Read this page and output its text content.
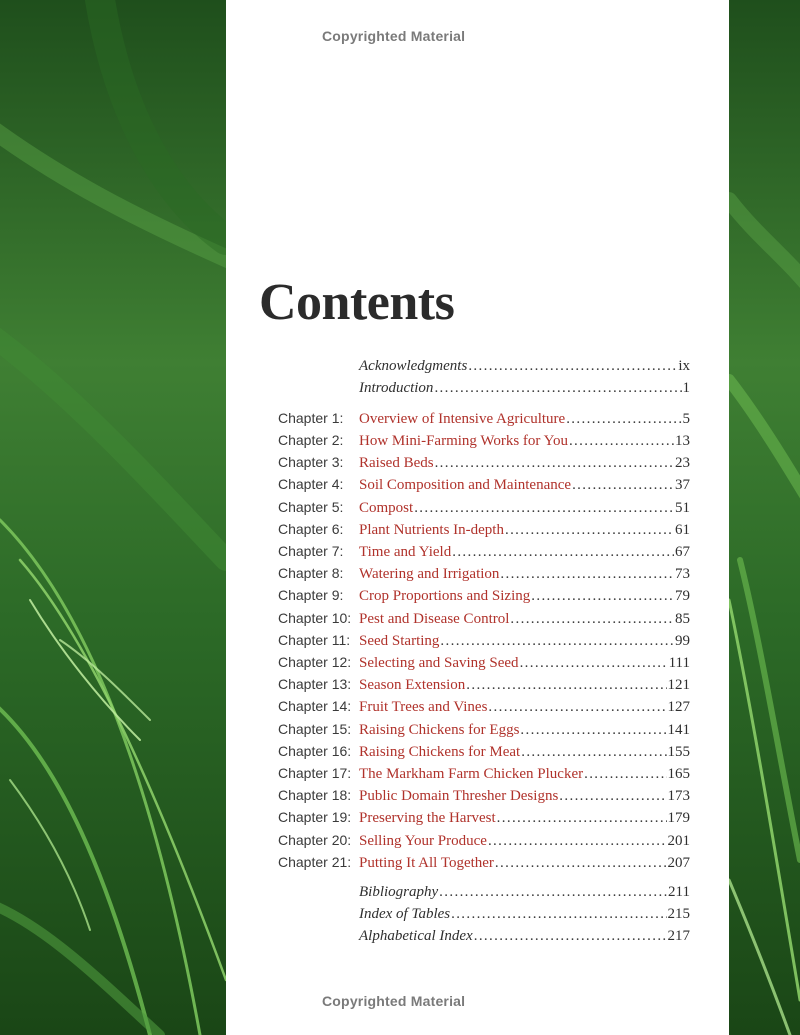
Copyrighted Material
Contents
Acknowledgments . . .	ix
Introduction . . .	1
Chapter 1:	Overview of Intensive Agriculture . . .	5
Chapter 2:	How Mini-Farming Works for You . . .	13
Chapter 3:	Raised Beds . . .	23
Chapter 4:	Soil Composition and Maintenance . . .	37
Chapter 5:	Compost . . .	51
Chapter 6:	Plant Nutrients In-depth . . .	61
Chapter 7:	Time and Yield . . .	67
Chapter 8:	Watering and Irrigation . . .	73
Chapter 9:	Crop Proportions and Sizing . . .	79
Chapter 10: Pest and Disease Control . . .	85
Chapter 11: Seed Starting . . .	99
Chapter 12: Selecting and Saving Seed . . .	111
Chapter 13: Season Extension . . .	121
Chapter 14: Fruit Trees and Vines . . .	127
Chapter 15: Raising Chickens for Eggs . . .	141
Chapter 16: Raising Chickens for Meat . . .	155
Chapter 17: The Markham Farm Chicken Plucker . . .	165
Chapter 18: Public Domain Thresher Designs . . .	173
Chapter 19: Preserving the Harvest . . .	179
Chapter 20: Selling Your Produce . . .	201
Chapter 21: Putting It All Together . . .	207
Bibliography . . .	211
Index of Tables . . .	215
Alphabetical Index . . .	217
Copyrighted Material
